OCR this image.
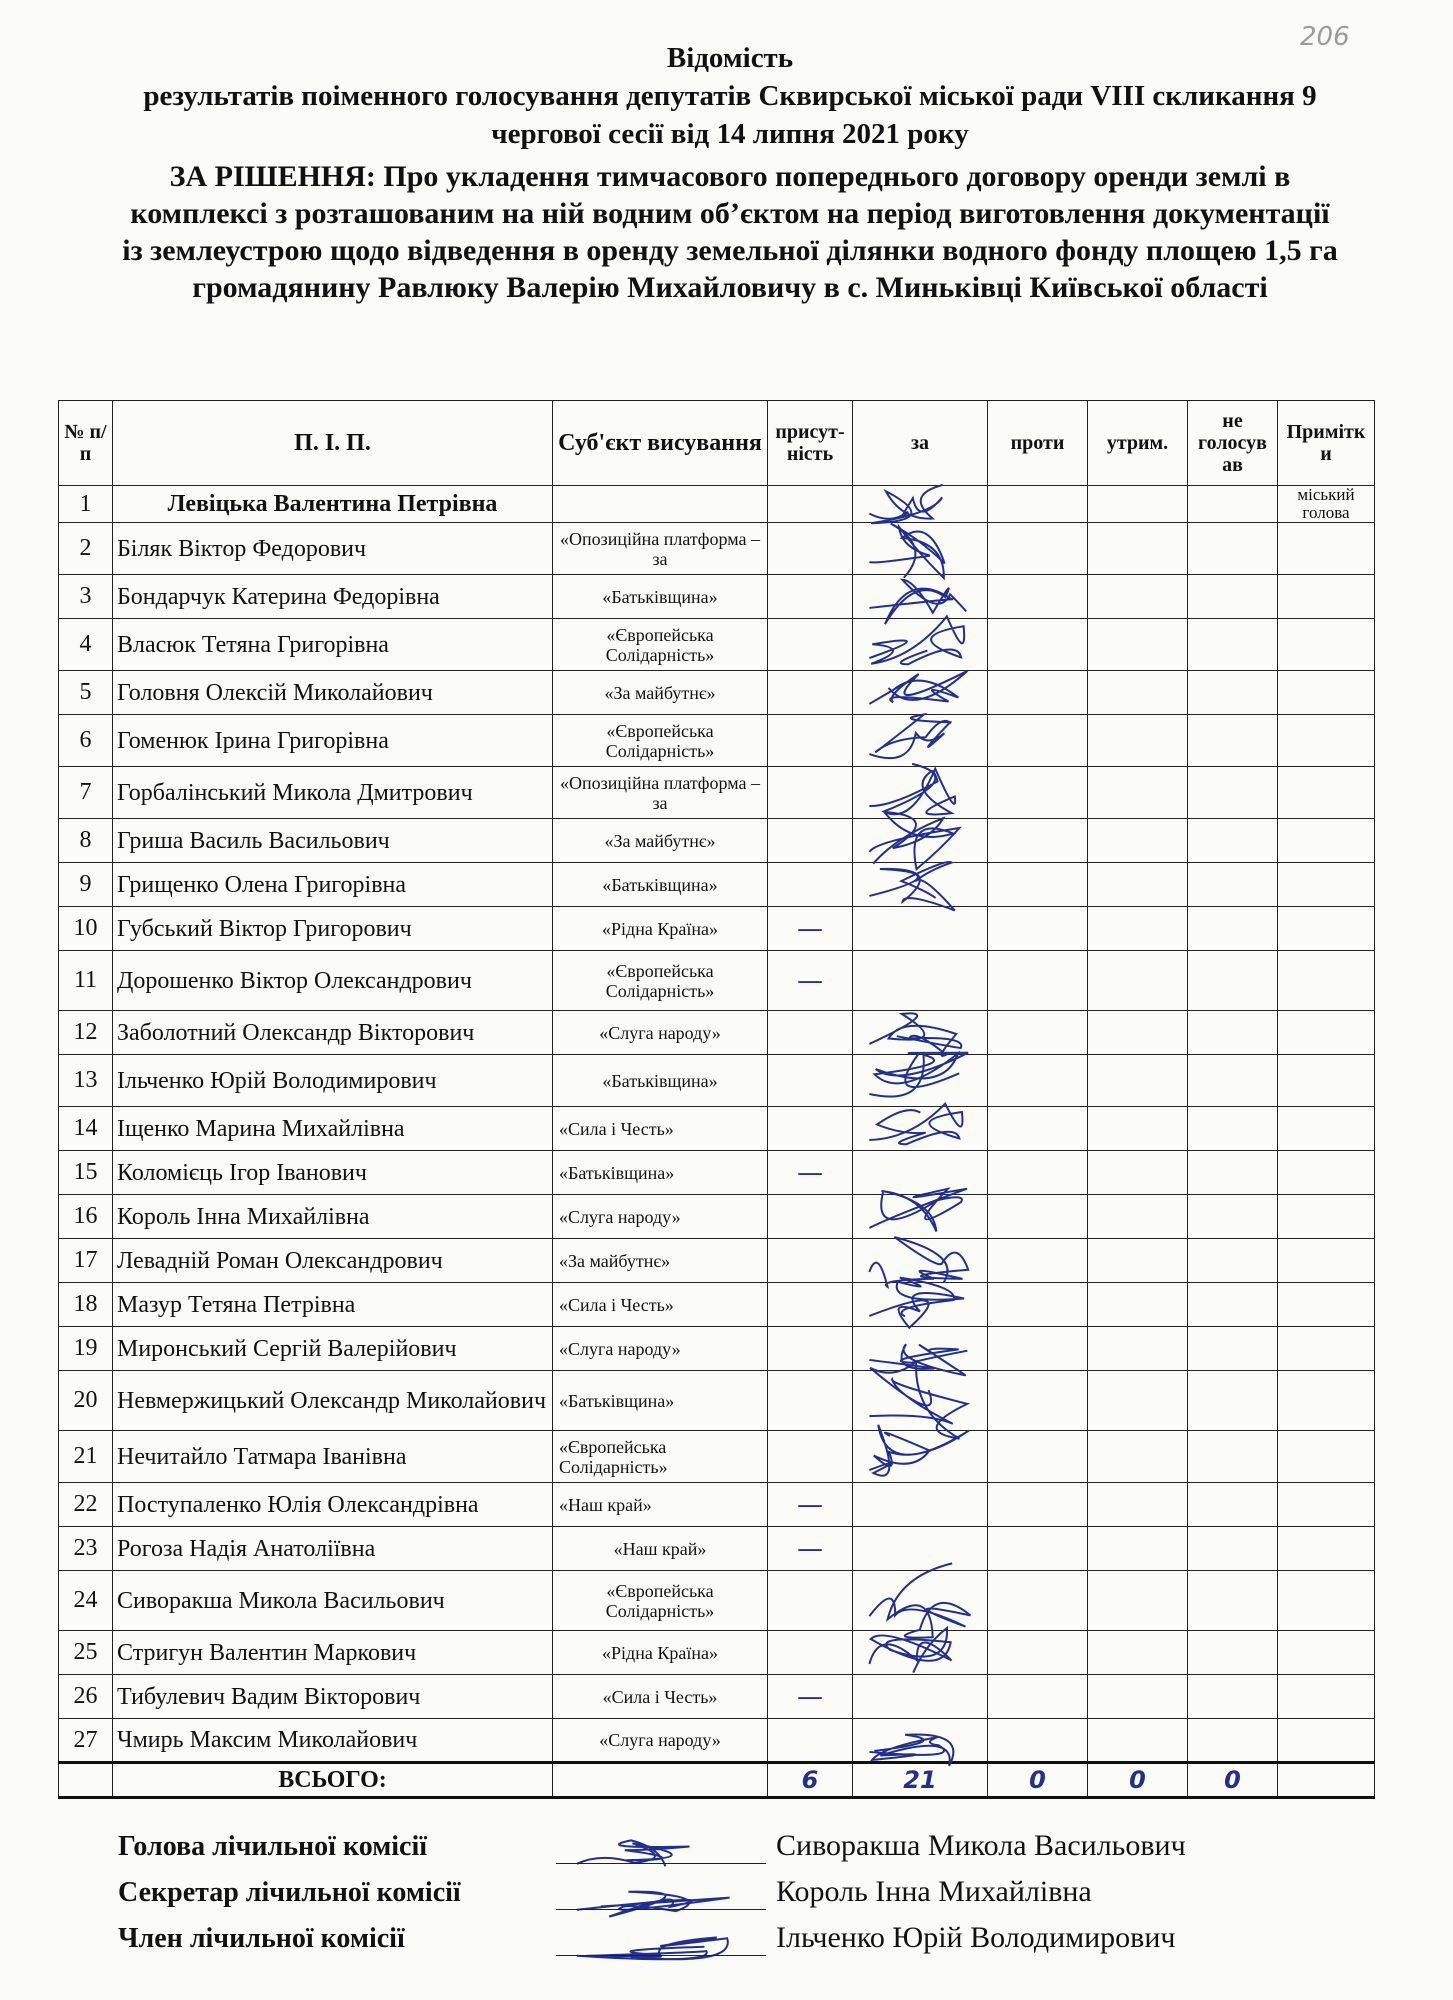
206
Відомість
результатів поіменного голосування депутатів Сквирської міської ради VIII скликання 9
чергової сесії від 14 липня 2021 року
ЗА РІШЕННЯ: Про укладення тимчасового попереднього договору оренди землі в
комплексі з розташованим на ній водним об’єктом на період виготовлення документації
із землеустрою щодо відведення в оренду земельної ділянки водного фонду площею 1,5 га
громадянину Равлюку Валерію Михайловичу в с. Миньківці Київської області
№ п/п	П. І. П.	Суб'єкт висування	присут-ність	за	проти	утрим.	не голосув ав	Примітк и
1	Левіцька Валентина Петрівна							міський голова
2	Біляк Віктор Федорович	«Опозиційна платформа – за						
3	Бондарчук Катерина Федорівна	«Батьківщина»						
4	Власюк Тетяна Григорівна	«Європейська Солідарність»						
5	Головня Олексій Миколайович	«За майбутнє»						
6	Гоменюк Ірина Григорівна	«Європейська Солідарність»						
7	Горбалінський Микола Дмитрович	«Опозиційна платформа – за						
8	Гриша Василь Васильович	«За майбутнє»						
9	Грищенко Олена Григорівна	«Батьківщина»						
10	Губський Віктор Григорович	«Рідна Країна»	—					
11	Дорошенко Віктор Олександрович	«Європейська Солідарність»	—					
12	Заболотний Олександр Вікторович	«Слуга народу»						
13	Ільченко Юрій Володимирович	«Батьківщина»						
14	Іщенко Марина Михайлівна	«Сила і Честь»						
15	Коломієць Ігор Іванович	«Батьківщина»	—					
16	Король Інна Михайлівна	«Слуга народу»						
17	Левадній Роман Олександрович	«За майбутнє»						
18	Мазур Тетяна Петрівна	«Сила і Честь»						
19	Миронський Сергій Валерійович	«Слуга народу»						
20	Невмержицький Олександр Миколайович	«Батьківщина»						
21	Нечитайло Татмара Іванівна	«Європейська Солідарність»						
22	Поступаленко Юлія Олександрівна	«Наш край»	—					
23	Рогоза Надія Анатоліївна	«Наш край»	—					
24	Сиворакша Микола Васильович	«Європейська Солідарність»						
25	Стригун Валентин Маркович	«Рідна Країна»						
26	Тибулевич Вадим Вікторович	«Сила і Честь»	—					
27	Чмирь Максим Миколайович	«Слуга народу»						
	ВСЬОГО:		6	21	0	0	0	
Голова лічильної комісії	Сиворакша Микола Васильович
Секретар лічильної комісії	Король Інна Михайлівна
Член лічильної комісії	Ільченко Юрій Володимирович
